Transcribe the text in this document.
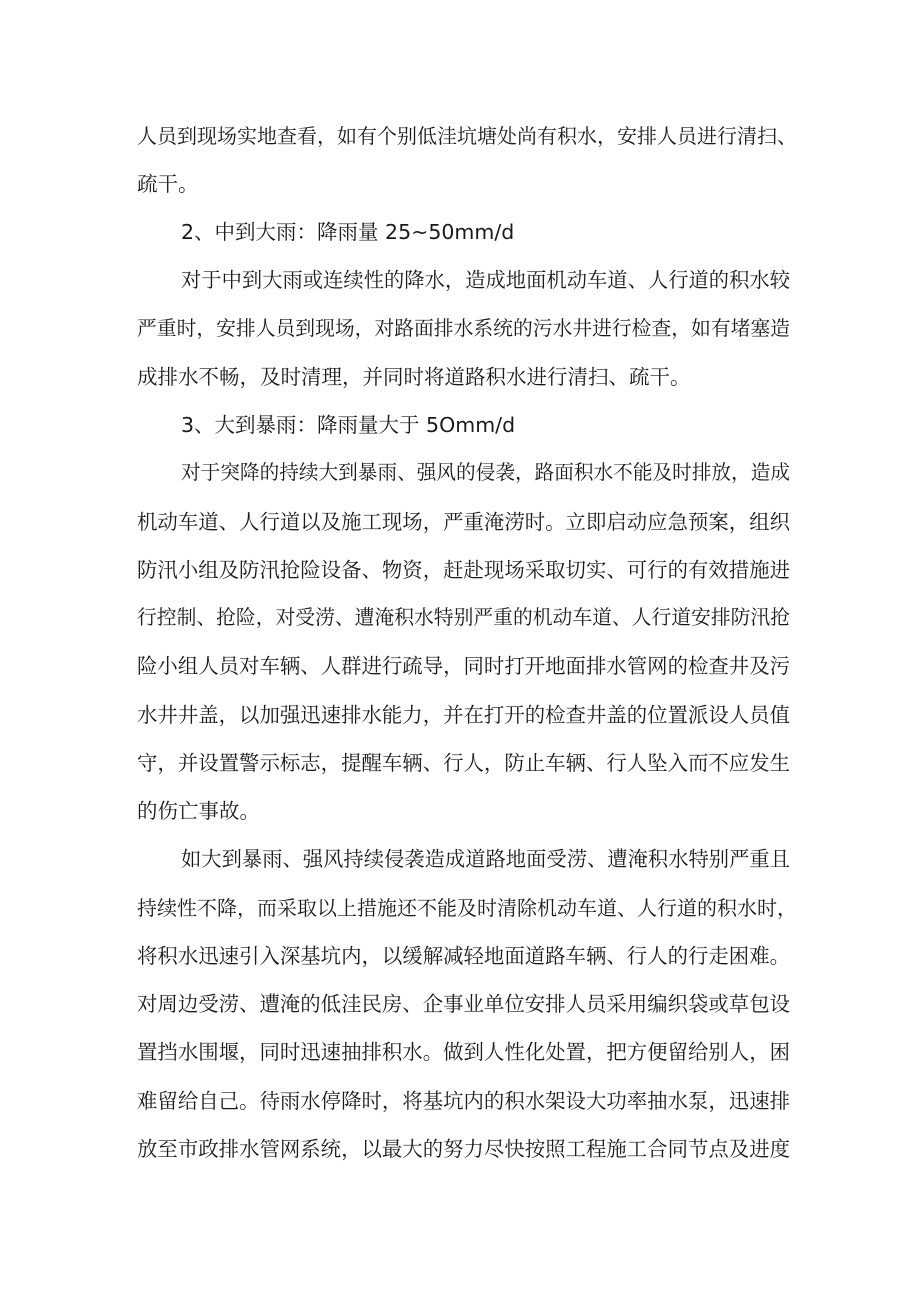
人员到现场实地查看，如有个别低洼坑塘处尚有积水，安排人员进行清扫、
疏干。
2、中到大雨：降雨量 25~50mm/d
对于中到大雨或连续性的降水，造成地面机动车道、人行道的积水较
严重时，安排人员到现场，对路面排水系统的污水井进行检查，如有堵塞造
成排水不畅，及时清理，并同时将道路积水进行清扫、疏干。
3、大到暴雨：降雨量大于 5Omm/d
对于突降的持续大到暴雨、强风的侵袭，路面积水不能及时排放，造成
机动车道、人行道以及施工现场，严重淹涝时。立即启动应急预案，组织
防汛小组及防汛抢险设备、物资，赶赴现场采取切实、可行的有效措施进
行控制、抢险，对受涝、遭淹积水特别严重的机动车道、人行道安排防汛抢
险小组人员对车辆、人群进行疏导，同时打开地面排水管网的检查井及污
水井井盖，以加强迅速排水能力，并在打开的检查井盖的位置派设人员值
守，并设置警示标志，提醒车辆、行人，防止车辆、行人坠入而不应发生
的伤亡事故。
如大到暴雨、强风持续侵袭造成道路地面受涝、遭淹积水特别严重且
持续性不降，而采取以上措施还不能及时清除机动车道、人行道的积水时，
将积水迅速引入深基坑内，以缓解减轻地面道路车辆、行人的行走困难。
对周边受涝、遭淹的低洼民房、企事业单位安排人员采用编织袋或草包设
置挡水围堰，同时迅速抽排积水。做到人性化处置，把方便留给别人，困
难留给自己。待雨水停降时，将基坑内的积水架设大功率抽水泵，迅速排
放至市政排水管网系统，以最大的努力尽快按照工程施工合同节点及进度
